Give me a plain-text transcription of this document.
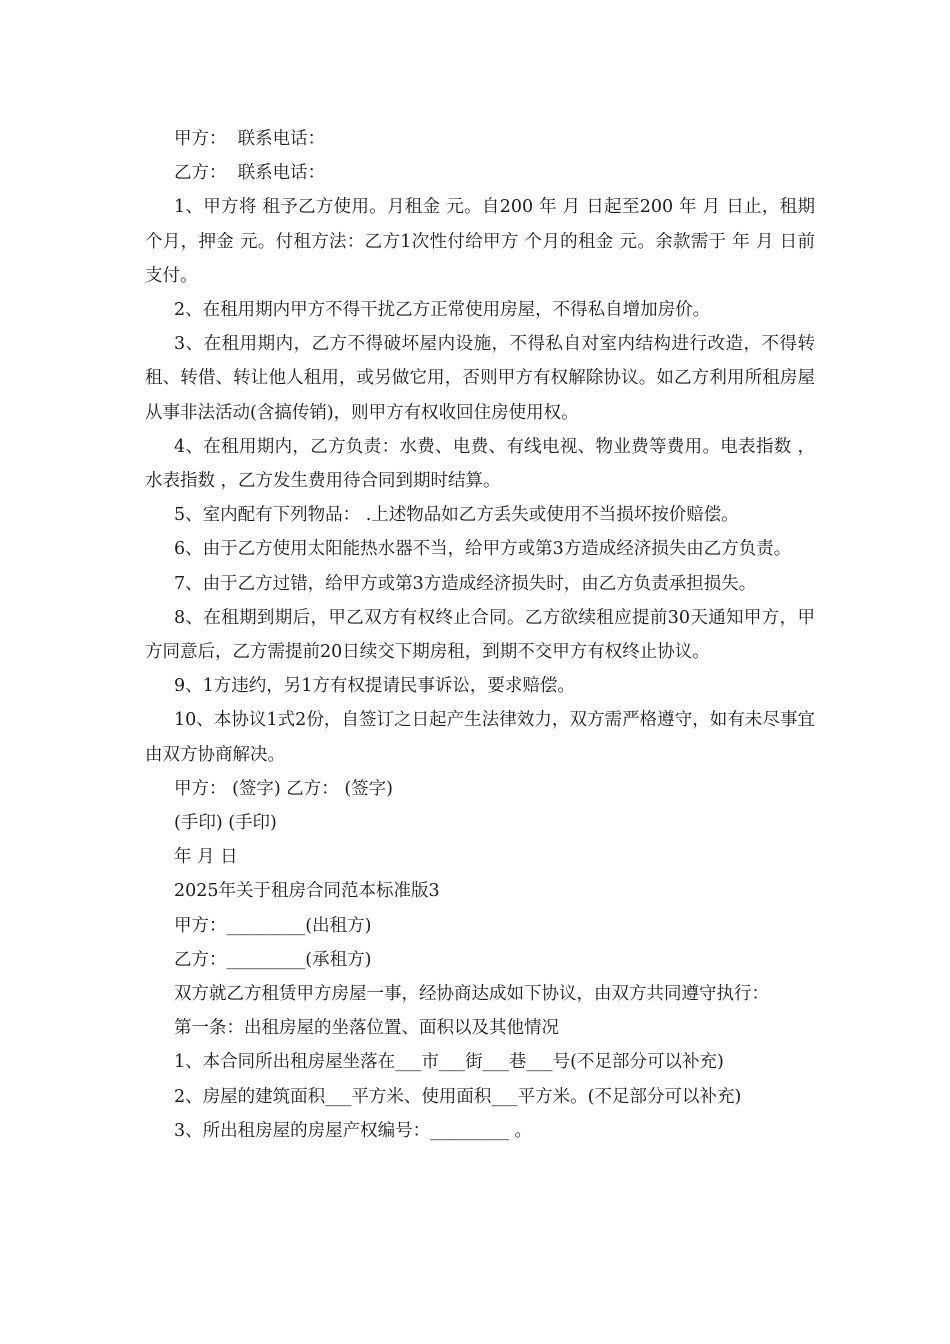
甲方：  联系电话：

乙方：  联系电话：

1、甲方将 租予乙方使用。月租金 元。自200 年 月 日起至200 年 月 日止，租期 个月，押金 元。付租方法：乙方1次性付给甲方 个月的租金 元。余款需于 年 月 日前支付。

2、在租用期内甲方不得干扰乙方正常使用房屋，不得私自增加房价。

3、在租用期内，乙方不得破坏屋内设施，不得私自对室内结构进行改造，不得转租、转借、转让他人租用，或另做它用，否则甲方有权解除协议。如乙方利用所租房屋从事非法活动(含搞传销)，则甲方有权收回住房使用权。

4、在租用期内，乙方负责：水费、电费、有线电视、物业费等费用。电表指数 ，水表指数 ，乙方发生费用待合同到期时结算。

5、室内配有下列物品： .上述物品如乙方丢失或使用不当损坏按价赔偿。

6、由于乙方使用太阳能热水器不当，给甲方或第3方造成经济损失由乙方负责。

7、由于乙方过错，给甲方或第3方造成经济损失时，由乙方负责承担损失。

8、在租期到期后，甲乙双方有权终止合同。乙方欲续租应提前30天通知甲方，甲方同意后，乙方需提前20日续交下期房租，到期不交甲方有权终止协议。

9、1方违约，另1方有权提请民事诉讼，要求赔偿。

10、本协议1式2份，自签订之日起产生法律效力，双方需严格遵守，如有未尽事宜由双方协商解决。

甲方： (签字) 乙方： (签字)

(手印) (手印)

年 月 日

2025年关于租房合同范本标准版3

甲方：_________(出租方)

乙方：_________(承租方)

双方就乙方租赁甲方房屋一事，经协商达成如下协议，由双方共同遵守执行：

第一条：出租房屋的坐落位置、面积以及其他情况

1、本合同所出租房屋坐落在___市___街___巷___号(不足部分可以补充)

2、房屋的建筑面积___平方米、使用面积___平方米。(不足部分可以补充)

3、所出租房屋的房屋产权编号：_________ 。
